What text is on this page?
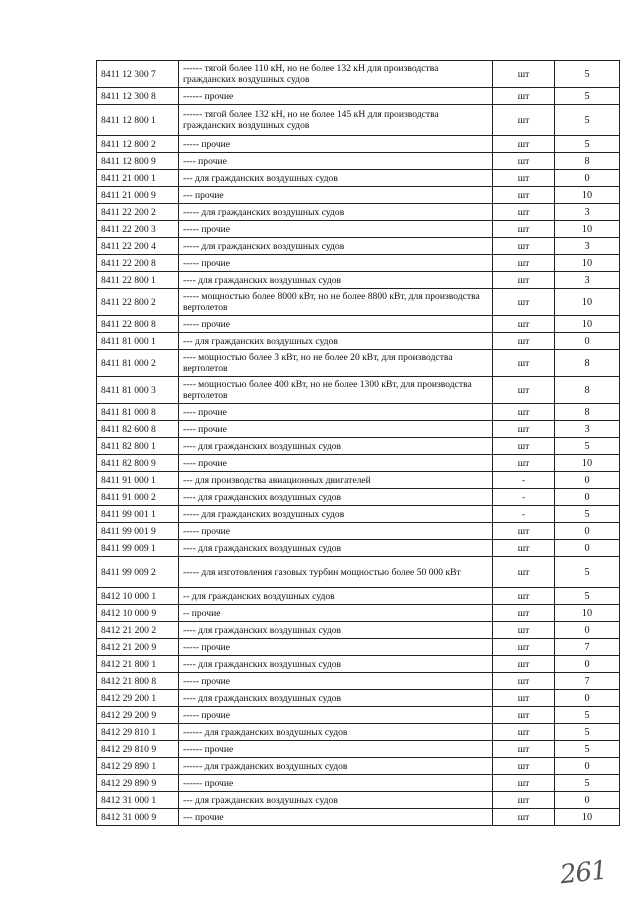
8411 12 300 7	------ тягой более 110 кН, но не более 132 кН для производства гражданских воздушных судов	шт	5
8411 12 300 8	------ прочие	шт	5
8411 12 800 1	------ тягой более 132 кН, но не более 145 кН для производства гражданских воздушных судов	шт	5
8411 12 800 2	----- прочие	шт	5
8411 12 800 9	---- прочие	шт	8
8411 21 000 1	--- для гражданских воздушных судов	шт	0
8411 21 000 9	--- прочие	шт	10
8411 22 200 2	----- для гражданских воздушных судов	шт	3
8411 22 200 3	----- прочие	шт	10
8411 22 200 4	----- для гражданских воздушных судов	шт	3
8411 22 200 8	----- прочие	шт	10
8411 22 800 1	---- для гражданских воздушных судов	шт	3
8411 22 800 2	----- мощностью более 8000 кВт, но не более 8800 кВт, для производства вертолетов	шт	10
8411 22 800 8	----- прочие	шт	10
8411 81 000 1	--- для гражданских воздушных судов	шт	0
8411 81 000 2	---- мощностью более 3 кВт, но не более 20 кВт, для производства вертолетов	шт	8
8411 81 000 3	---- мощностью более 400 кВт, но не более 1300 кВт, для производства вертолетов	шт	8
8411 81 000 8	---- прочие	шт	8
8411 82 600 8	---- прочие	шт	3
8411 82 800 1	---- для гражданских воздушных судов	шт	5
8411 82 800 9	---- прочие	шт	10
8411 91 000 1	--- для производства авиационных двигателей	-	0
8411 91 000 2	---- для гражданских воздушных судов	-	0
8411 99 001 1	----- для гражданских воздушных судов	-	5
8411 99 001 9	----- прочие	шт	0
8411 99 009 1	---- для гражданских воздушных судов	шт	0
8411 99 009 2	----- для изготовления газовых турбин мощностью более 50 000 кВт	шт	5
8412 10 000 1	-- для гражданских воздушных судов	шт	5
8412 10 000 9	-- прочие	шт	10
8412 21 200 2	---- для гражданских воздушных судов	шт	0
8412 21 200 9	----- прочие	шт	7
8412 21 800 1	---- для гражданских воздушных судов	шт	0
8412 21 800 8	----- прочие	шт	7
8412 29 200 1	---- для гражданских воздушных судов	шт	0
8412 29 200 9	----- прочие	шт	5
8412 29 810 1	------ для гражданских воздушных судов	шт	5
8412 29 810 9	------ прочие	шт	5
8412 29 890 1	------ для гражданских воздушных судов	шт	0
8412 29 890 9	------ прочие	шт	5
8412 31 000 1	--- для гражданских воздушных судов	шт	0
8412 31 000 9	--- прочие	шт	10
261
